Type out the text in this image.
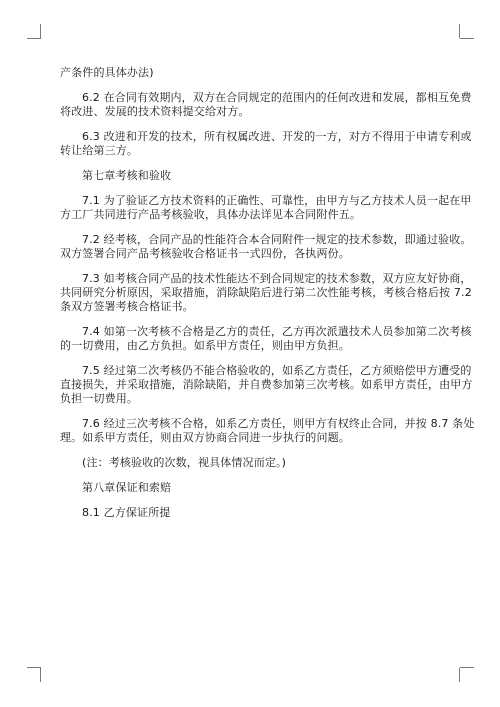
产条件的具体办法)
6.2 在合同有效期内，双方在合同规定的范围内的任何改进和发展，都相互免费
将改进、发展的技术资料提交给对方。
6.3 改进和开发的技术，所有权属改进、开发的一方，对方不得用于申请专利或
转让给第三方。
第七章考核和验收
7.1 为了验证乙方技术资料的正确性、可靠性，由甲方与乙方技术人员一起在甲
方工厂共同进行产品考核验收，具体办法详见本合同附件五。
7.2 经考核，合同产品的性能符合本合同附件一规定的技术参数，即通过验收。
双方签署合同产品考核验收合格证书一式四份，各执两份。
7.3 如考核合同产品的技术性能达不到合同规定的技术参数，双方应友好协商，
共同研究分析原因，采取措施，消除缺陷后进行第二次性能考核，考核合格后按 7.2
条双方签署考核合格证书。
7.4 如第一次考核不合格是乙方的责任，乙方再次派遣技术人员参加第二次考核
的一切费用，由乙方负担。如系甲方责任，则由甲方负担。
7.5 经过第二次考核仍不能合格验收的，如系乙方责任，乙方须赔偿甲方遭受的
直接损失，并采取措施，消除缺陷，并自费参加第三次考核。如系甲方责任，由甲方
负担一切费用。
7.6 经过三次考核不合格，如系乙方责任，则甲方有权终止合同，并按 8.7 条处
理。如系甲方责任，则由双方协商合同进一步执行的问题。
(注：考核验收的次数，视具体情况而定。)
第八章保证和索赔
8.1 乙方保证所提
